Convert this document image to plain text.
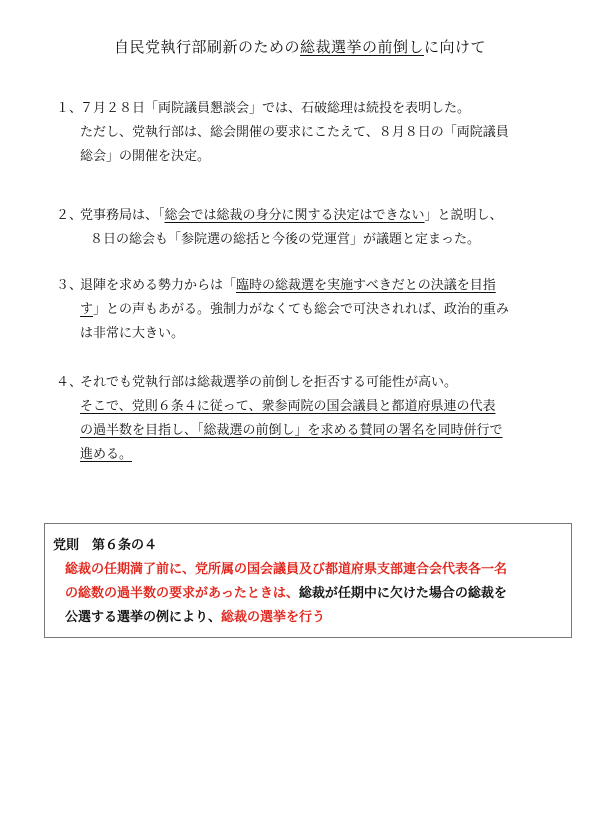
自民党執行部刷新のための総裁選挙の前倒しに向けて
１、
７月２８日「両院議員懇談会」では、石破総理は続投を表明した。
ただし、党執行部は、総会開催の要求にこたえて、８月８日の「両院議員
総会」の開催を決定。
２、
党事務局は、「総会では総裁の身分に関する決定はできない」と説明し、
８日の総会も「参院選の総括と今後の党運営」が議題と定まった。
３、
退陣を求める勢力からは「臨時の総裁選を実施すべきだとの決議を目指
す」との声もあがる。強制力がなくても総会で可決されれば、政治的重み
は非常に大きい。
４、
それでも党執行部は総裁選挙の前倒しを拒否する可能性が高い。
そこで、党則６条４に従って、衆参両院の国会議員と都道府県連の代表
の過半数を目指し、「総裁選の前倒し」を求める賛同の署名を同時併行で
進める。
党則　第６条の４
総裁の任期満了前に、党所属の国会議員及び都道府県支部連合会代表各一名
の総数の過半数の要求があったときは、総裁が任期中に欠けた場合の総裁を
公選する選挙の例により、総裁の選挙を行う
